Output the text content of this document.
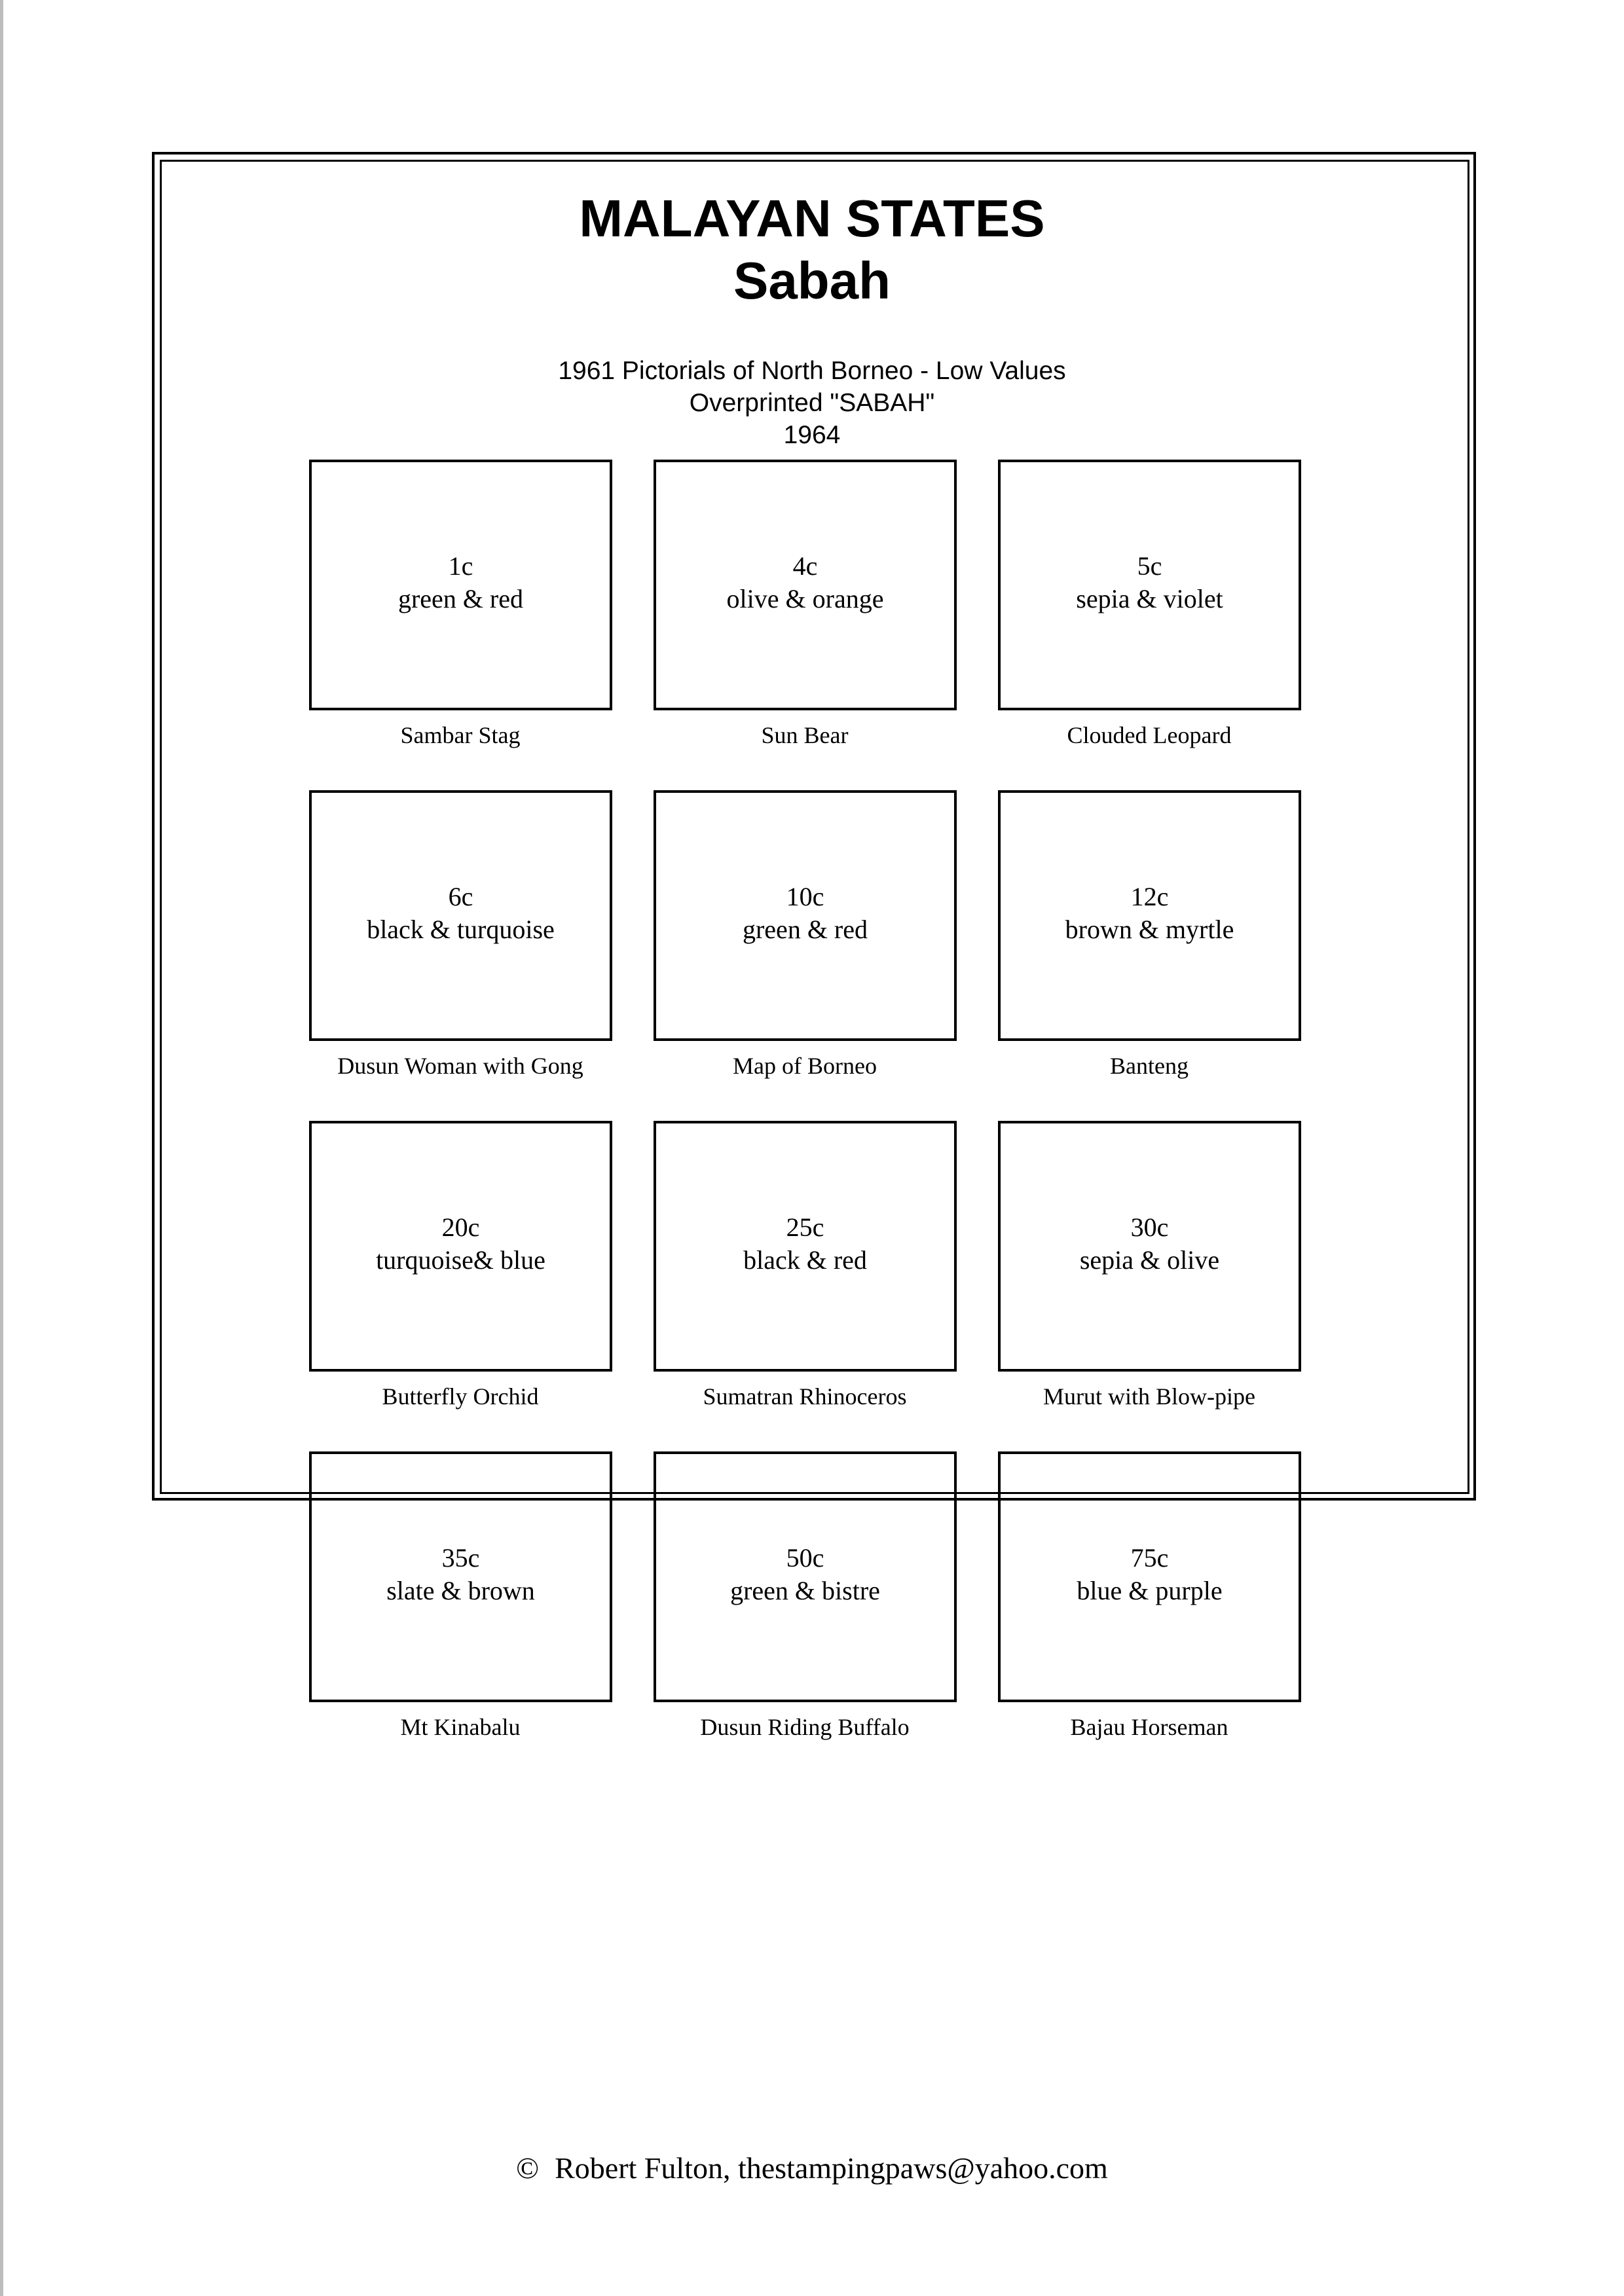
MALAYAN STATES
Sabah
1961 Pictorials of North Borneo - Low Values
Overprinted "SABAH"
1964
1c
green & red
Sambar Stag
4c
olive & orange
Sun Bear
5c
sepia & violet
Clouded Leopard
6c
black & turquoise
Dusun Woman with Gong
10c
green & red
Map of Borneo
12c
brown & myrtle
Banteng
20c
turquoise& blue
Butterfly Orchid
25c
black & red
Sumatran Rhinoceros
30c
sepia & olive
Murut with Blow-pipe
35c
slate & brown
Mt Kinabalu
50c
green & bistre
Dusun Riding Buffalo
75c
blue & purple
Bajau Horseman
© Robert Fulton, thestampingpaws@yahoo.com
